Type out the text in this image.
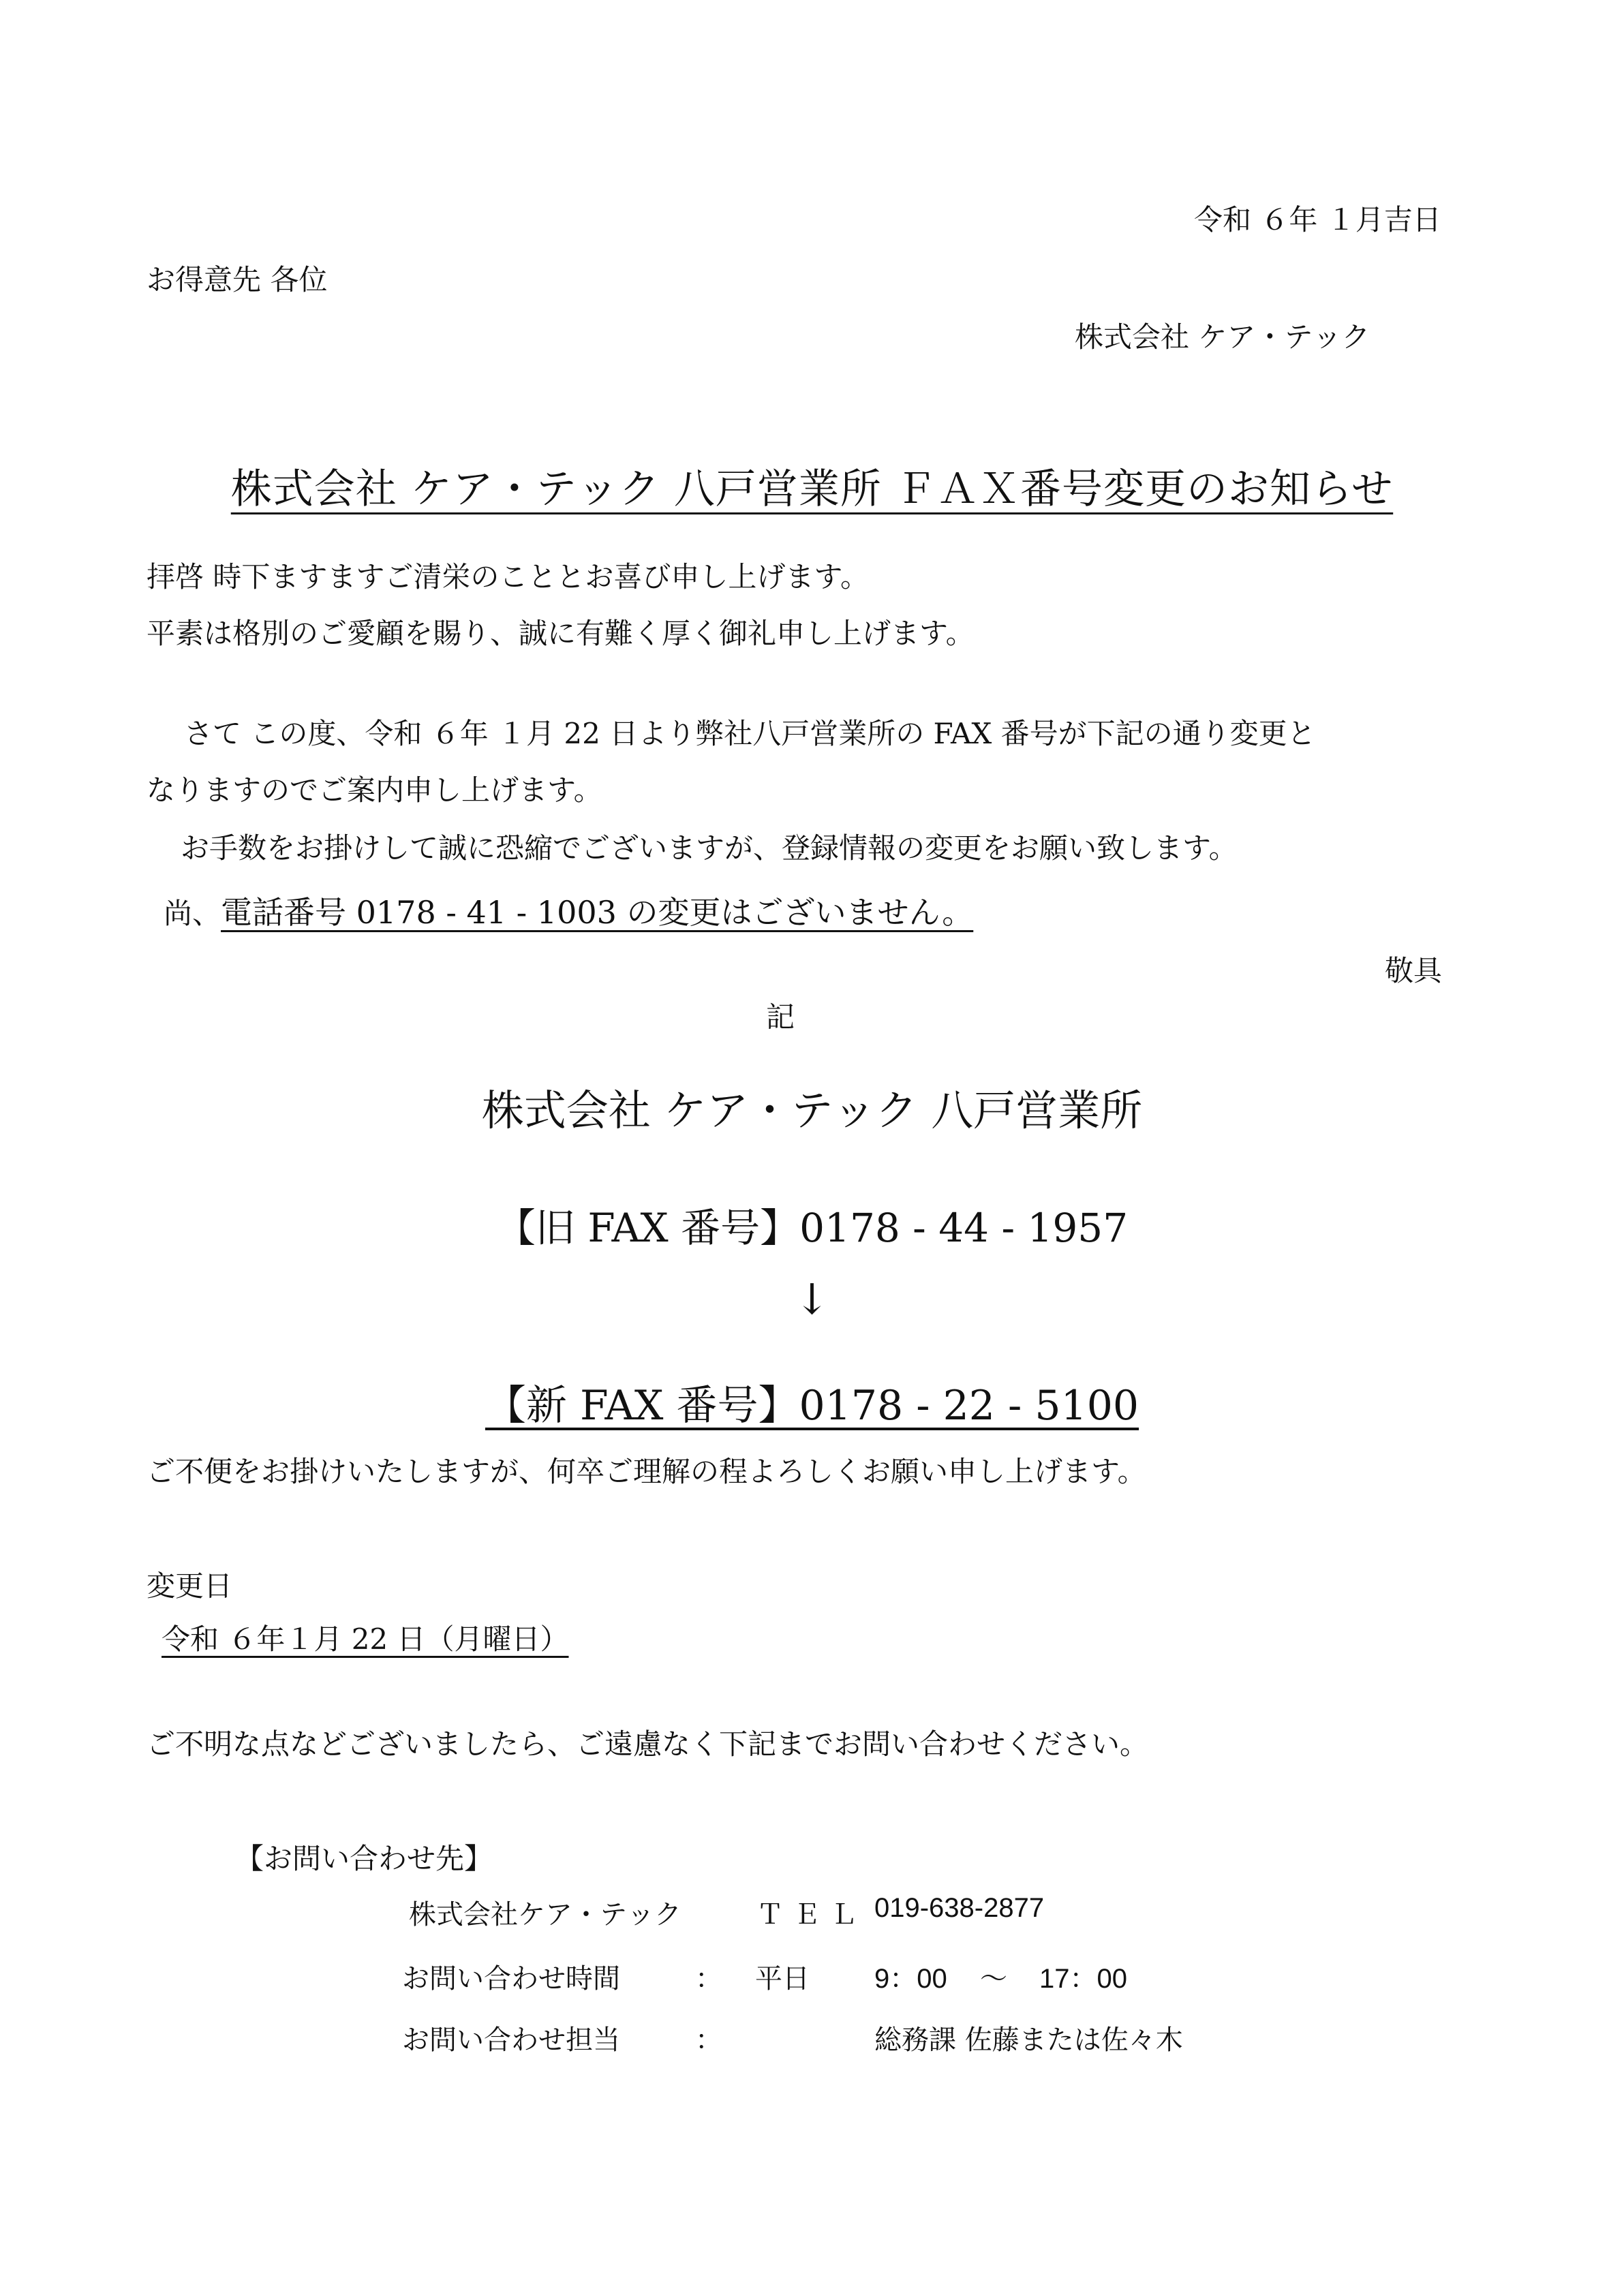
令和 ６年 １月吉日

お得意先 各位

株式会社 ケア・テック

株式会社 ケア・テック 八戸営業所 ＦＡＸ番号変更のお知らせ

拝啓 時下ますますご清栄のこととお喜び申し上げます。

平素は格別のご愛顧を賜り、誠に有難く厚く御礼申し上げます。

さて この度、令和 ６年 １月 22 日より弊社八戸営業所の FAX 番号が下記の通り変更と

なりますのでご案内申し上げます。

お手数をお掛けして誠に恐縮でございますが、登録情報の変更をお願い致します。

尚、電話番号 0178 - 41 - 1003 の変更はございません。

敬具

記

株式会社 ケア・テック 八戸営業所

【旧 FAX 番号】0178 - 44 - 1957

↓

【新 FAX 番号】0178 - 22 - 5100

ご不便をお掛けいたしますが、何卒ご理解の程よろしくお願い申し上げます。

変更日

令和 ６年１月 22 日（月曜日）

ご不明な点などございましたら、ご遠慮なく下記までお問い合わせください。

【お問い合わせ先】

株式会社ケア・テック	ＴＥＬ 019-638-2877

お問い合わせ時間	： 平日 9：00 ～ 17：00

お問い合わせ担当	：	総務課 佐藤または佐々木
